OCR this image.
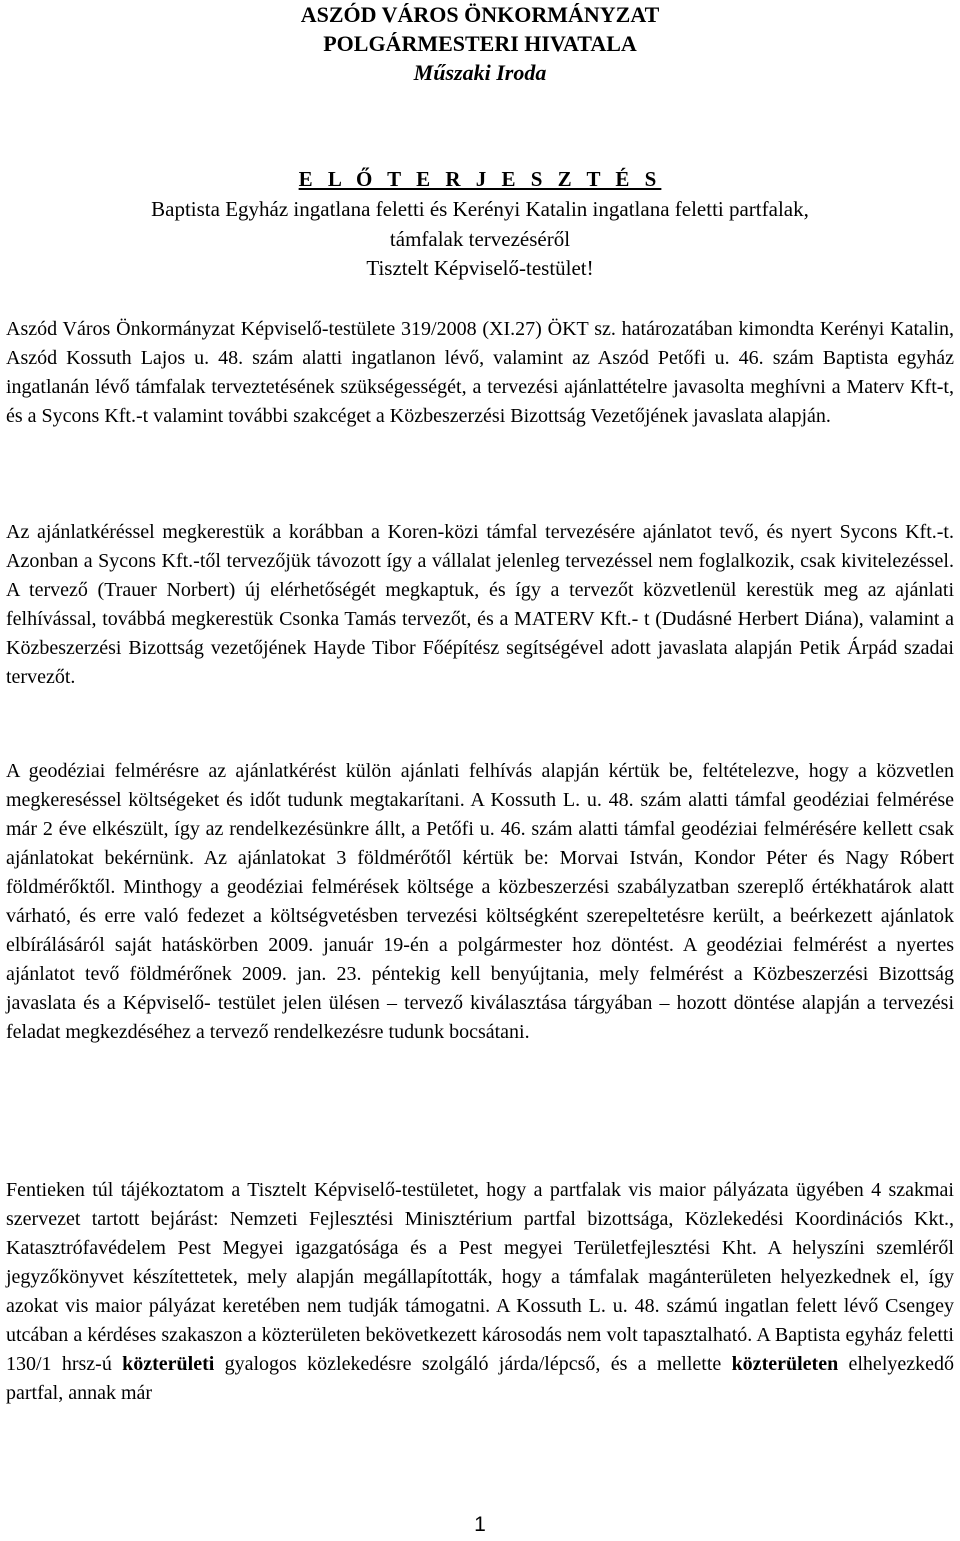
ASZÓD VÁROS ÖNKORMÁNYZAT
POLGÁRMESTERI HIVATALA
Műszaki Iroda
E L Ő T E R J E S Z T É S
Baptista Egyház ingatlana feletti és Kerényi Katalin ingatlana feletti partfalak, támfalak tervezéséről
Tisztelt Képviselő-testület!

Aszód Város Önkormányzat Képviselő-testülete 319/2008 (XI.27) ÖKT sz. határozatában kimondta Kerényi Katalin, Aszód Kossuth Lajos u. 48. szám alatti ingatlanon lévő, valamint az Aszód Petőfi u. 46. szám Baptista egyház ingatlanán lévő támfalak terveztetésének szükségességét, a tervezési ajánlattételre javasolta meghívni a Materv Kft-t, és a Sycons Kft.-t valamint további szakcéget a Közbeszerzési Bizottság Vezetőjének javaslata alapján.

Az ajánlatkéréssel megkerestük a korábban a Koren-közi támfal tervezésére ajánlatot tevő, és nyert Sycons Kft.-t. Azonban a Sycons Kft.-től tervezőjük távozott így a vállalat jelenleg tervezéssel nem foglalkozik, csak kivitelezéssel. A tervező (Trauer Norbert) új elérhetőségét megkaptuk, és így a tervezőt közvetlenül kerestük meg az ajánlati felhívással, továbbá megkerestük Csonka Tamás tervezőt, és a MATERV Kft.- t (Dudásné Herbert Diána), valamint a Közbeszerzési Bizottság vezetőjének Hayde Tibor Főépítész segítségével adott javaslata alapján Petik Árpád szadai tervezőt.

A geodéziai felmérésre az ajánlatkérést külön ajánlati felhívás alapján kértük be, feltételezve, hogy a közvetlen megkereséssel költségeket és időt tudunk megtakarítani. A Kossuth L. u. 48. szám alatti támfal geodéziai felmérése már 2 éve elkészült, így az rendelkezésünkre állt, a Petőfi u. 46. szám alatti támfal geodéziai felmérésére kellett csak ajánlatokat bekérnünk. Az ajánlatokat 3 földmérőtől kértük be: Morvai István, Kondor Péter és Nagy Róbert földmérőktől. Minthogy a geodéziai felmérések költsége a közbeszerzési szabályzatban szereplő értékhatárok alatt várható, és erre való fedezet a költségvetésben tervezési költségként szerepeltetésre került, a beérkezett ajánlatok elbírálásáról saját hatáskörben 2009. január 19-én a polgármester hoz döntést. A geodéziai felmérést a nyertes ajánlatot tevő földmérőnek 2009. jan. 23. péntekig kell benyújtania, mely felmérést a Közbeszerzési Bizottság javaslata és a Képviselő- testület jelen ülésen – tervező kiválasztása tárgyában – hozott döntése alapján a tervezési feladat megkezdéséhez a tervező rendelkezésre tudunk bocsátani.

Fentieken túl tájékoztatom a Tisztelt Képviselő-testületet, hogy a partfalak vis maior pályázata ügyében 4 szakmai szervezet tartott bejárást: Nemzeti Fejlesztési Minisztérium partfal bizottsága, Közlekedési Koordinációs Kkt., Katasztrófavédelem Pest Megyei igazgatósága és a Pest megyei Területfejlesztési Kht. A helyszíni szemléről jegyzőkönyvet készítettetek, mely alapján megállapították, hogy a támfalak magánterületen helyezkednek el, így azokat vis maior pályázat keretében nem tudják támogatni. A Kossuth L. u. 48. számú ingatlan felett lévő Csengey utcában a kérdéses szakaszon a közterületen bekövetkezett károsodás nem volt tapasztalható. A Baptista egyház feletti 130/1 hrsz-ú közterületi gyalogos közlekedésre szolgáló járda/lépcső, és a mellette közterületen elhelyezkedő partfal, annak már

1
